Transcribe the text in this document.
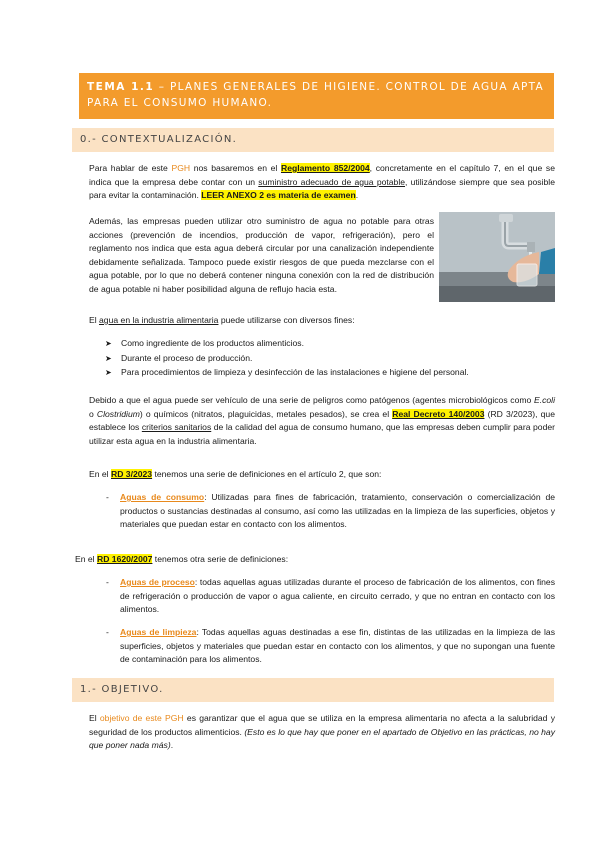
TEMA 1.1 – PLANES GENERALES DE HIGIENE. CONTROL DE AGUA APTA PARA EL CONSUMO HUMANO.
0.- CONTEXTUALIZACIÓN.
Para hablar de este PGH nos basaremos en el Reglamento 852/2004, concretamente en el capítulo 7, en el que se indica que la empresa debe contar con un suministro adecuado de agua potable, utilizándose siempre que sea posible para evitar la contaminación. LEER ANEXO 2 es materia de examen.
Además, las empresas pueden utilizar otro suministro de agua no potable para otras acciones (prevención de incendios, producción de vapor, refrigeración), pero el reglamento nos indica que esta agua deberá circular por una canalización independiente debidamente señalizada. Tampoco puede existir riesgos de que pueda mezclarse con el agua potable, por lo que no deberá contener ninguna conexión con la red de distribución de agua potable ni haber posibilidad alguna de reflujo hacia esta.
El agua en la industria alimentaria puede utilizarse con diversos fines:
➤ Como ingrediente de los productos alimenticios.
➤ Durante el proceso de producción.
➤ Para procedimientos de limpieza y desinfección de las instalaciones e higiene del personal.
Debido a que el agua puede ser vehículo de una serie de peligros como patógenos (agentes microbiológicos como E.coli o Clostridium) o químicos (nitratos, plaguicidas, metales pesados), se crea el Real Decreto 140/2003 (RD 3/2023), que establece los criterios sanitarios de la calidad del agua de consumo humano, que las empresas deben cumplir para poder utilizar esta agua en la industria alimentaria.
En el RD 3/2023 tenemos una serie de definiciones en el artículo 2, que son:
- Aguas de consumo: Utilizadas para fines de fabricación, tratamiento, conservación o comercialización de productos o sustancias destinadas al consumo, así como las utilizadas en la limpieza de las superficies, objetos y materiales que puedan estar en contacto con los alimentos.
En el RD 1620/2007 tenemos otra serie de definiciones:
- Aguas de proceso: todas aquellas aguas utilizadas durante el proceso de fabricación de los alimentos, con fines de refrigeración o producción de vapor o agua caliente, en circuito cerrado, y que no entran en contacto con los alimentos.
- Aguas de limpieza: Todas aquellas aguas destinadas a ese fin, distintas de las utilizadas en la limpieza de las superficies, objetos y materiales que puedan estar en contacto con los alimentos, y que no supongan una fuente de contaminación para los alimentos.
1.- OBJETIVO.
El objetivo de este PGH es garantizar que el agua que se utiliza en la empresa alimentaria no afecta a la salubridad y seguridad de los productos alimenticios. (Esto es lo que hay que poner en el apartado de Objetivo en las prácticas, no hay que poner nada más).
